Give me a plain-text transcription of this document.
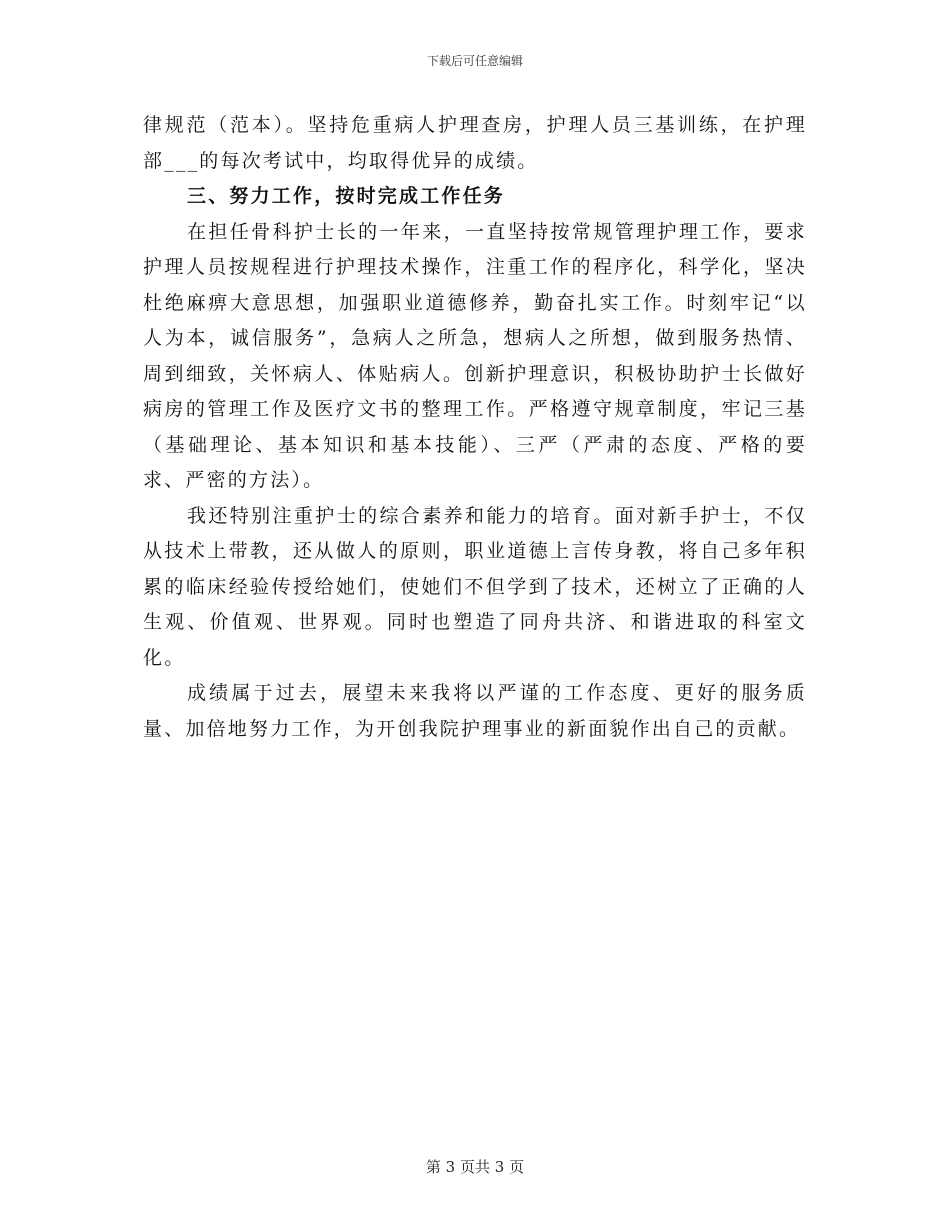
下载后可任意编辑

律规范（范本）。坚持危重病人护理查房，护理人员三基训练，在护理部___的每次考试中，均取得优异的成绩。

三、努力工作，按时完成工作任务

在担任骨科护士长的一年来，一直坚持按常规管理护理工作，要求护理人员按规程进行护理技术操作，注重工作的程序化，科学化，坚决杜绝麻痹大意思想，加强职业道德修养，勤奋扎实工作。时刻牢记“以人为本，诚信服务”，急病人之所急，想病人之所想，做到服务热情、周到细致，关怀病人、体贴病人。创新护理意识，积极协助护士长做好病房的管理工作及医疗文书的整理工作。严格遵守规章制度，牢记三基（基础理论、基本知识和基本技能）、三严（严肃的态度、严格的要求、严密的方法）。

我还特别注重护士的综合素养和能力的培育。面对新手护士，不仅从技术上带教，还从做人的原则，职业道德上言传身教，将自己多年积累的临床经验传授给她们，使她们不但学到了技术，还树立了正确的人生观、价值观、世界观。同时也塑造了同舟共济、和谐进取的科室文化。

成绩属于过去，展望未来我将以严谨的工作态度、更好的服务质量、加倍地努力工作，为开创我院护理事业的新面貌作出自己的贡献。

第 3 页共 3 页
